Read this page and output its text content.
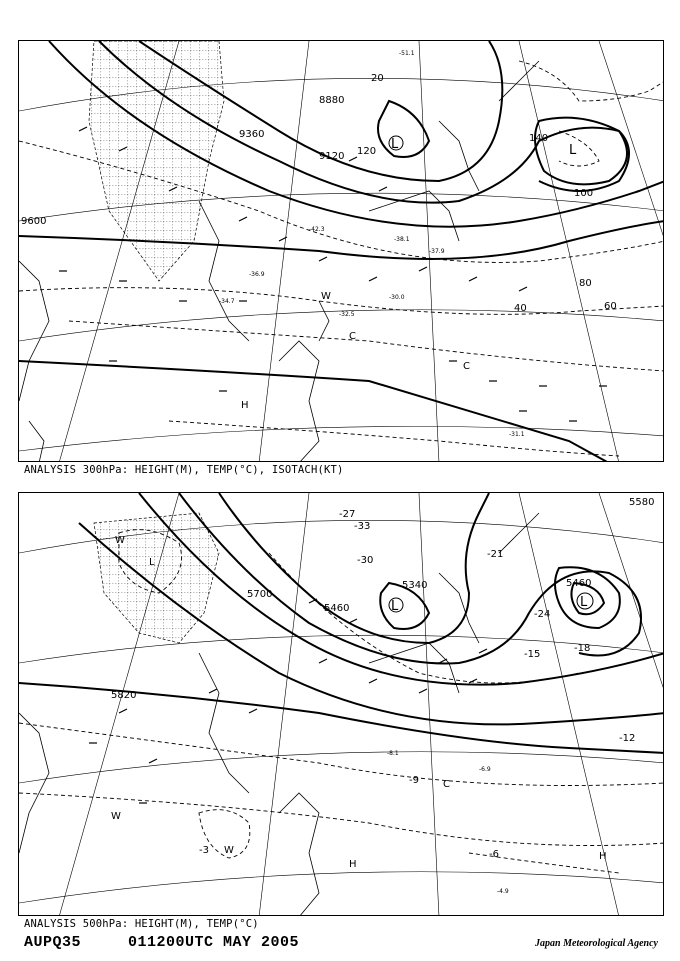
8880
9120
9360
9600
20
40	60
80
100
120
140
-51.1
-42.3
-38.1
-37.9
-36.9
-34.7
-32.5
-30.0
-31.1
L	L
H
W
C
C
ANALYSIS 300hPa: HEIGHT(M), TEMP(°C), ISOTACH(KT)
5580
5700
5820
5460
5340
5460
-3	-6
-9
-12
-15
-18
-21
-24
-27
-30
-33
-4.9
-8.1
-6.9
L	L
L
H
H
W
W
W
C
ANALYSIS 500hPa: HEIGHT(M), TEMP(°C)
AUPQ35	011200UTC MAY 2005	Japan Meteorological Agency
